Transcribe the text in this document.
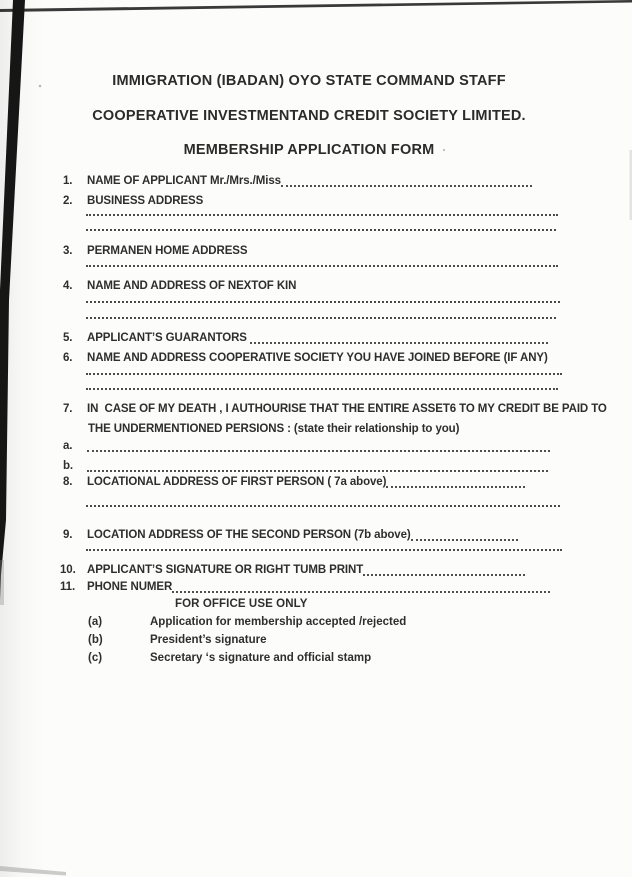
IMMIGRATION (IBADAN) OYO STATE COMMAND STAFF
COOPERATIVE INVESTMENTAND CREDIT SOCIETY LIMITED.
MEMBERSHIP APPLICATION FORM
1.	NAME OF APPLICANT Mr./Mrs./Miss
2.	BUSINESS ADDRESS
3.	PERMANEN HOME ADDRESS
4.	NAME AND ADDRESS OF NEXTOF KIN
5.	APPLICANT’S GUARANTORS
6.	NAME AND ADDRESS COOPERATIVE SOCIETY YOU HAVE JOINED BEFORE (IF ANY)
7.	IN  CASE OF MY DEATH , I AUTHOURISE THAT THE ENTIRE ASSET6 TO MY CREDIT BE PAID TO
THE UNDERMENTIONED PERSIONS : (state their relationship to you)
a.
b.
8.	LOCATIONAL ADDRESS OF FIRST PERSON ( 7a above)
9.	LOCATION ADDRESS OF THE SECOND PERSON (7b above)
10. APPLICANT’S SIGNATURE OR RIGHT TUMB PRINT
11.	PHONE NUMER
FOR OFFICE USE ONLY
(a)	Application for membership accepted /rejected
(b)	President’s signature
(c)	Secretary ‘s signature and official stamp
